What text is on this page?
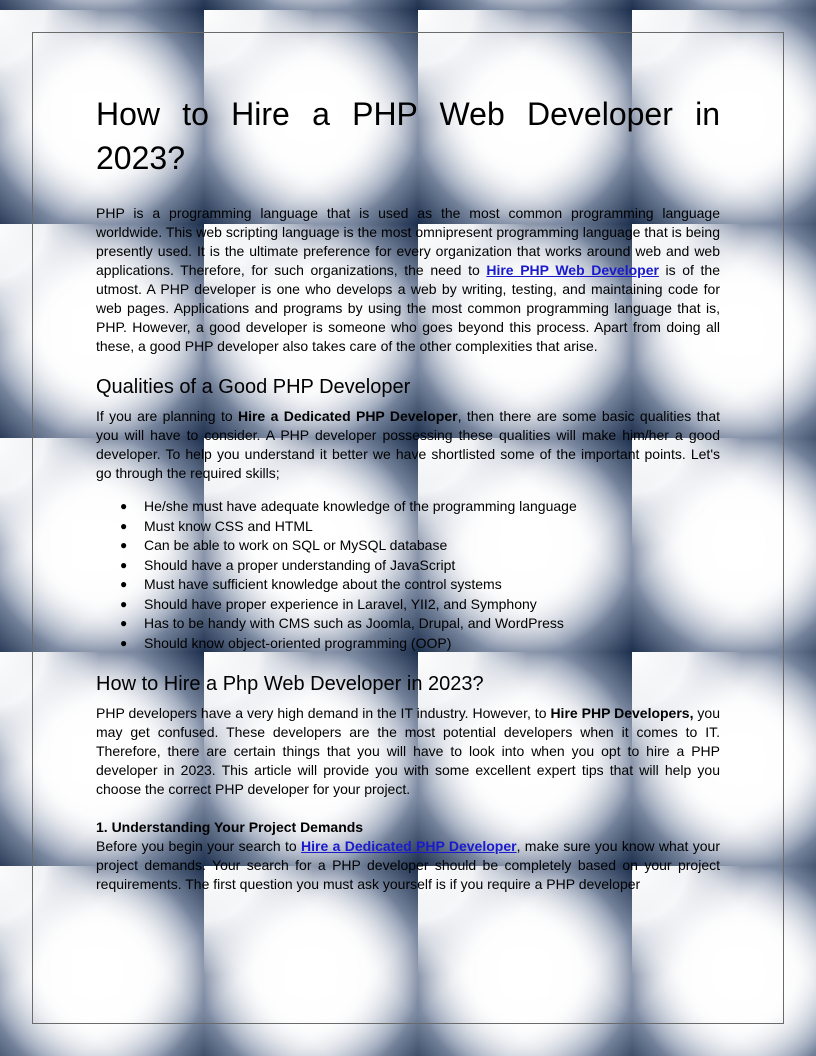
How to Hire a PHP Web Developer in 2023?

PHP is a programming language that is used as the most common programming language worldwide. This web scripting language is the most omnipresent programming language that is being presently used. It is the ultimate preference for every organization that works around web and web applications. Therefore, for such organizations, the need to Hire PHP Web Developer is of the utmost. A PHP developer is one who develops a web by writing, testing, and maintaining code for web pages. Applications and programs by using the most common programming language that is, PHP. However, a good developer is someone who goes beyond this process. Apart from doing all these, a good PHP developer also takes care of the other complexities that arise.

Qualities of a Good PHP Developer

If you are planning to Hire a Dedicated PHP Developer, then there are some basic qualities that you will have to consider. A PHP developer possessing these qualities will make him/her a good developer. To help you understand it better we have shortlisted some of the important points. Let's go through the required skills;

● He/she must have adequate knowledge of the programming language
● Must know CSS and HTML
● Can be able to work on SQL or MySQL database
● Should have a proper understanding of JavaScript
● Must have sufficient knowledge about the control systems
● Should have proper experience in Laravel, YII2, and Symphony
● Has to be handy with CMS such as Joomla, Drupal, and WordPress
● Should know object-oriented programming (OOP)
How to Hire a Php Web Developer in 2023?

PHP developers have a very high demand in the IT industry. However, to Hire PHP Developers, you may get confused. These developers are the most potential developers when it comes to IT. Therefore, there are certain things that you will have to look into when you opt to hire a PHP developer in 2023. This article will provide you with some excellent expert tips that will help you choose the correct PHP developer for your project.

1. Understanding Your Project Demands

Before you begin your search to Hire a Dedicated PHP Developer, make sure you know what your project demands. Your search for a PHP developer should be completely based on your project requirements. The first question you must ask yourself is if you require a PHP developer
